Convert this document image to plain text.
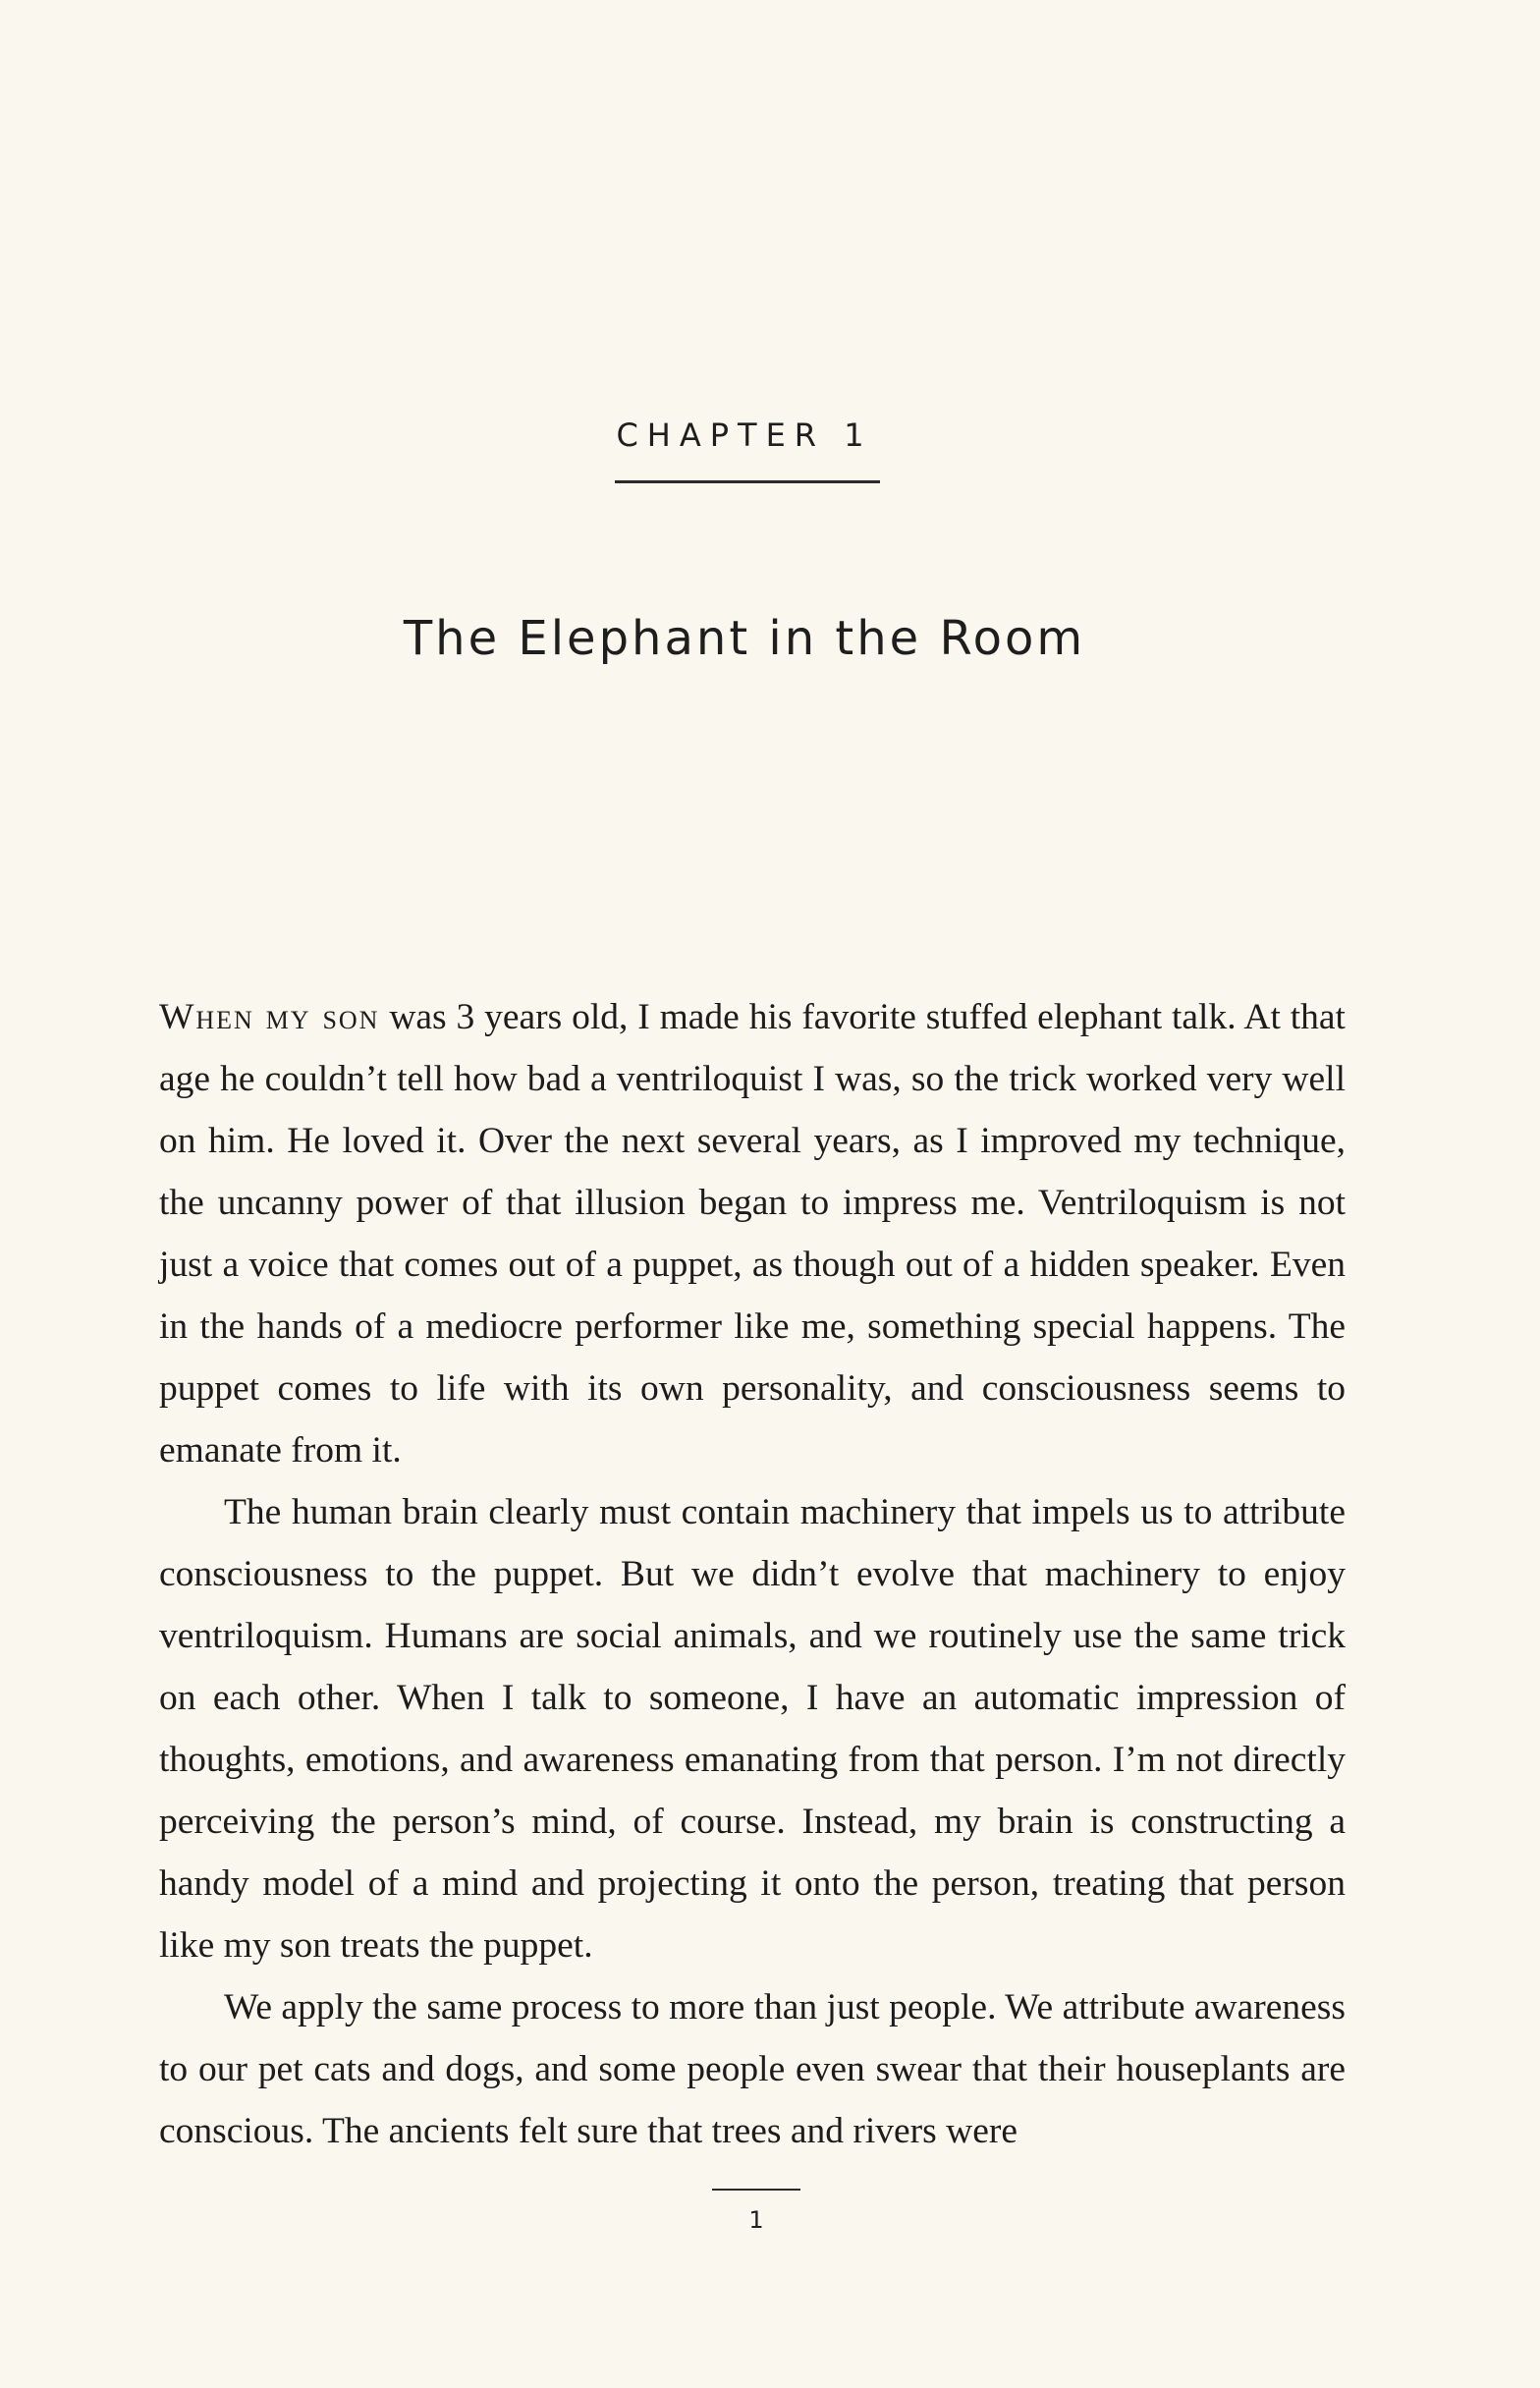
CHAPTER 1
The Elephant in the Room

When my son was 3 years old, I made his favorite stuffed elephant talk. At that age he couldn’t tell how bad a ventriloquist I was, so the trick worked very well on him. He loved it. Over the next several years, as I improved my technique, the uncanny power of that illusion began to impress me. Ventriloquism is not just a voice that comes out of a puppet, as though out of a hidden speaker. Even in the hands of a mediocre performer like me, something special happens. The puppet comes to life with its own personality, and consciousness seems to emanate from it.

The human brain clearly must contain machinery that impels us to attribute consciousness to the puppet. But we didn’t evolve that machinery to enjoy ventriloquism. Humans are social animals, and we routinely use the same trick on each other. When I talk to someone, I have an automatic impression of thoughts, emotions, and awareness emanating from that person. I’m not directly perceiving the person’s mind, of course. Instead, my brain is constructing a handy model of a mind and projecting it onto the person, treating that person like my son treats the puppet.

We apply the same process to more than just people. We attribute awareness to our pet cats and dogs, and some people even swear that their houseplants are conscious. The ancients felt sure that trees and rivers were

1
